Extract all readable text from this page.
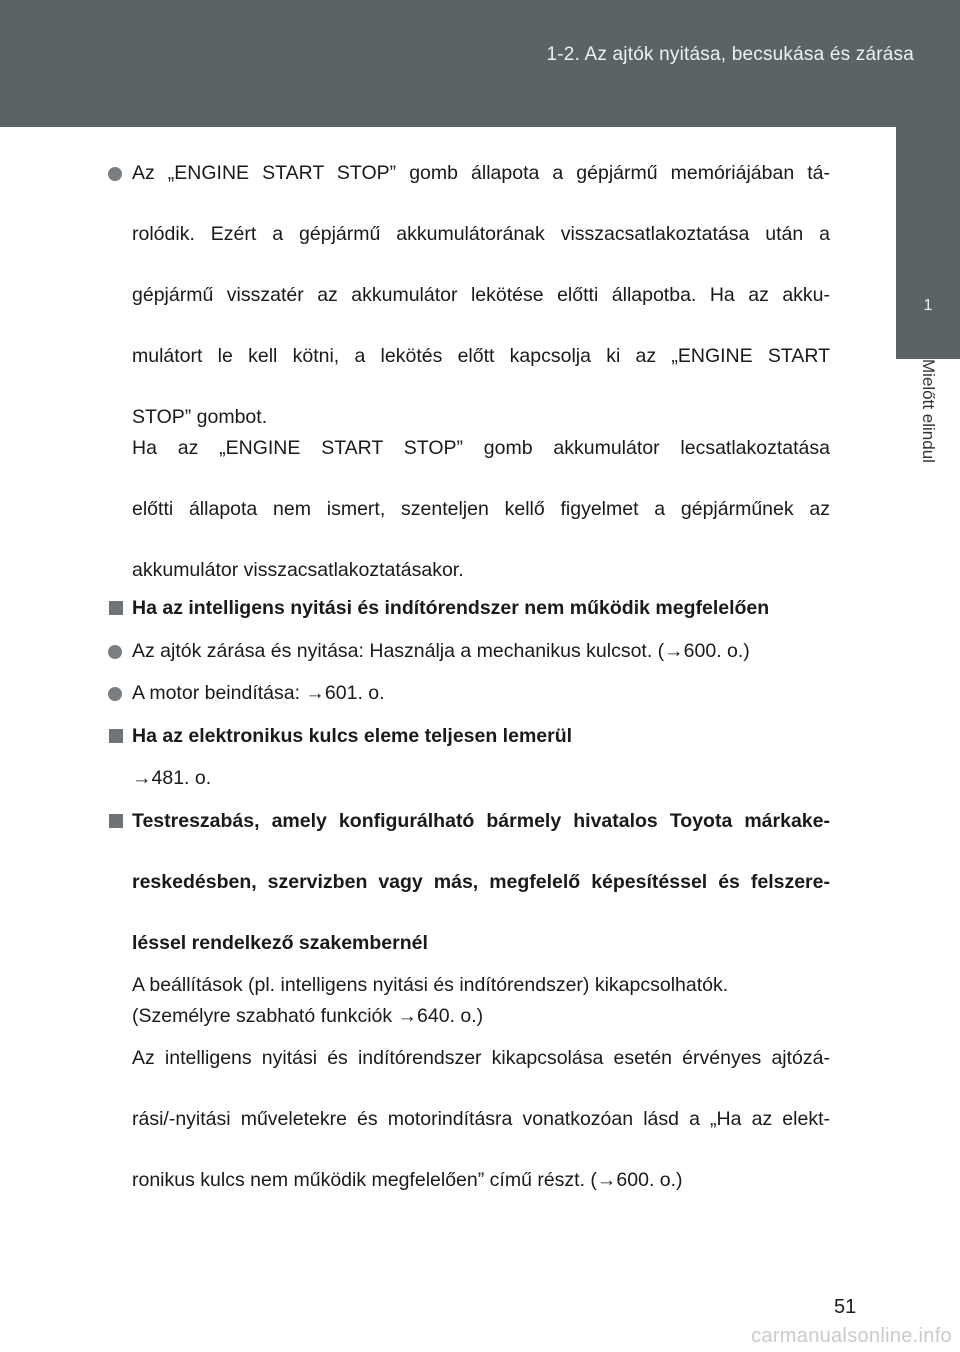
1-2. Az ajtók nyitása, becsukása és zárása
1
Mielőtt elindul

Az „ENGINE START STOP” gomb állapota a gépjármű memóriájában tá-

rolódik. Ezért a gépjármű akkumulátorának visszacsatlakoztatása után a

gépjármű visszatér az akkumulátor lekötése előtti állapotba. Ha az akku-

mulátort le kell kötni, a lekötés előtt kapcsolja ki az „ENGINE START

STOP” gombot.

Ha az „ENGINE START STOP” gomb akkumulátor lecsatlakoztatása

előtti állapota nem ismert, szenteljen kellő figyelmet a gépjárműnek az

akkumulátor visszacsatlakoztatásakor.
Ha az intelligens nyitási és indítórendszer nem működik megfelelően
Az ajtók zárása és nyitása: Használja a mechanikus kulcsot. (→600. o.)
A motor beindítása: →601. o.
Ha az elektronikus kulcs eleme teljesen lemerül
→481. o.

Testreszabás, amely konfigurálható bármely hivatalos Toyota márkake-

reskedésben, szervizben vagy más, megfelelő képesítéssel és felszere-

léssel rendelkező szakembernél
A beállítások (pl. intelligens nyitási és indítórendszer) kikapcsolhatók.
(Személyre szabható funkciók →640. o.)

Az intelligens nyitási és indítórendszer kikapcsolása esetén érvényes ajtózá-

rási/-nyitási műveletekre és motorindításra vonatkozóan lásd a „Ha az elekt-

ronikus kulcs nem működik megfelelően” című részt. (→600. o.)
51
carmanualsonline.info
